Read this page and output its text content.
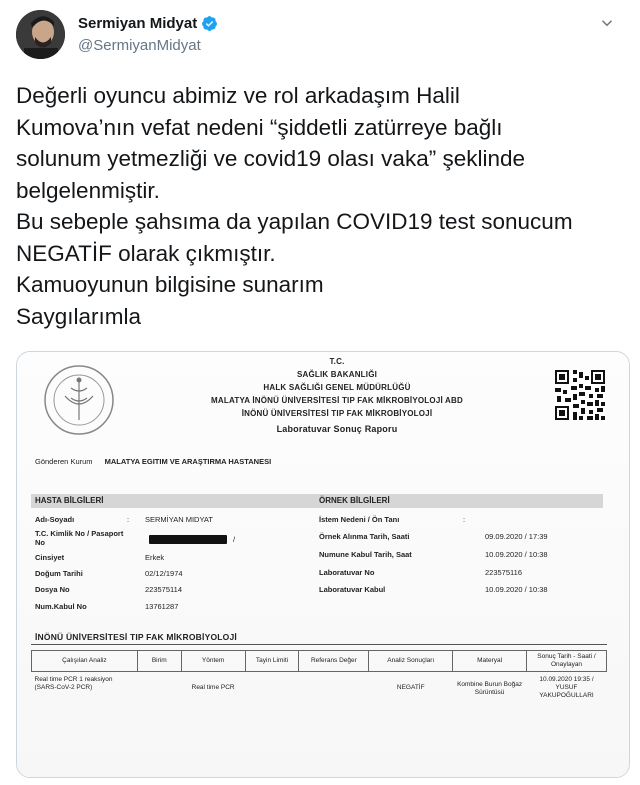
Sermiyan Midyat
@SermiyanMidyat
Değerli oyuncu abimiz ve rol arkadaşım Halil
Kumova’nın vefat nedeni “şiddetli zatürreye bağlı
solunum yetmezliği ve covid19 olası vaka” şeklinde
belgelenmiştir.
Bu sebeple şahsıma da yapılan COVID19 test sonucum
NEGATİF olarak çıkmıştır.
Kamuoyunun bilgisine sunarım
Saygılarımla
T.C.
SAĞLIK BAKANLIĞI
HALK SAĞLIĞI GENEL MÜDÜRLÜĞÜ
MALATYA İNÖNÜ ÜNİVERSİTESİ TIP FAK MİKROBİYOLOJİ ABD
İNÖNÜ ÜNİVERSİTESİ TIP FAK MİKROBİYOLOJİ
Laboratuvar Sonuç Raporu
Gönderen Kurum MALATYA EGITIM VE ARAŞTIRMA HASTANESI
HASTA BİLGİLERİ	ÖRNEK BİLGİLERİ
Adı-Soyadı	: SERMİYAN MIDYAT
T.C. Kimlik No / Pasaport No	/
Cinsiyet	Erkek
Doğum Tarihi	02/12/1974
Dosya No	223575114
Num.Kabul No	13761287
İstem Nedeni / Ön Tanı	:
Örnek Alınma Tarih, Saati	09.09.2020 / 17:39
Numune Kabul Tarih, Saat	10.09.2020 / 10:38
Laboratuvar No	223575116
Laboratuvar Kabul	10.09.2020 / 10:38
İNÖNÜ ÜNİVERSİTESİ TIP FAK MİKROBİYOLOJİ
Çalışılan Analiz	Birim	Yöntem	Tayin Limiti	Referans Değer	Analiz Sonuçları	Materyal	Sonuç Tarih - Saati / Onaylayan
Real time PCR 1 reaksiyon (SARS-CoV-2 PCR)		Real time PCR			NEGATİF	Kombine Burun Boğaz Sürüntüsü	10.09.2020 19:35 / YUSUF YAKUPOĞULLARI
